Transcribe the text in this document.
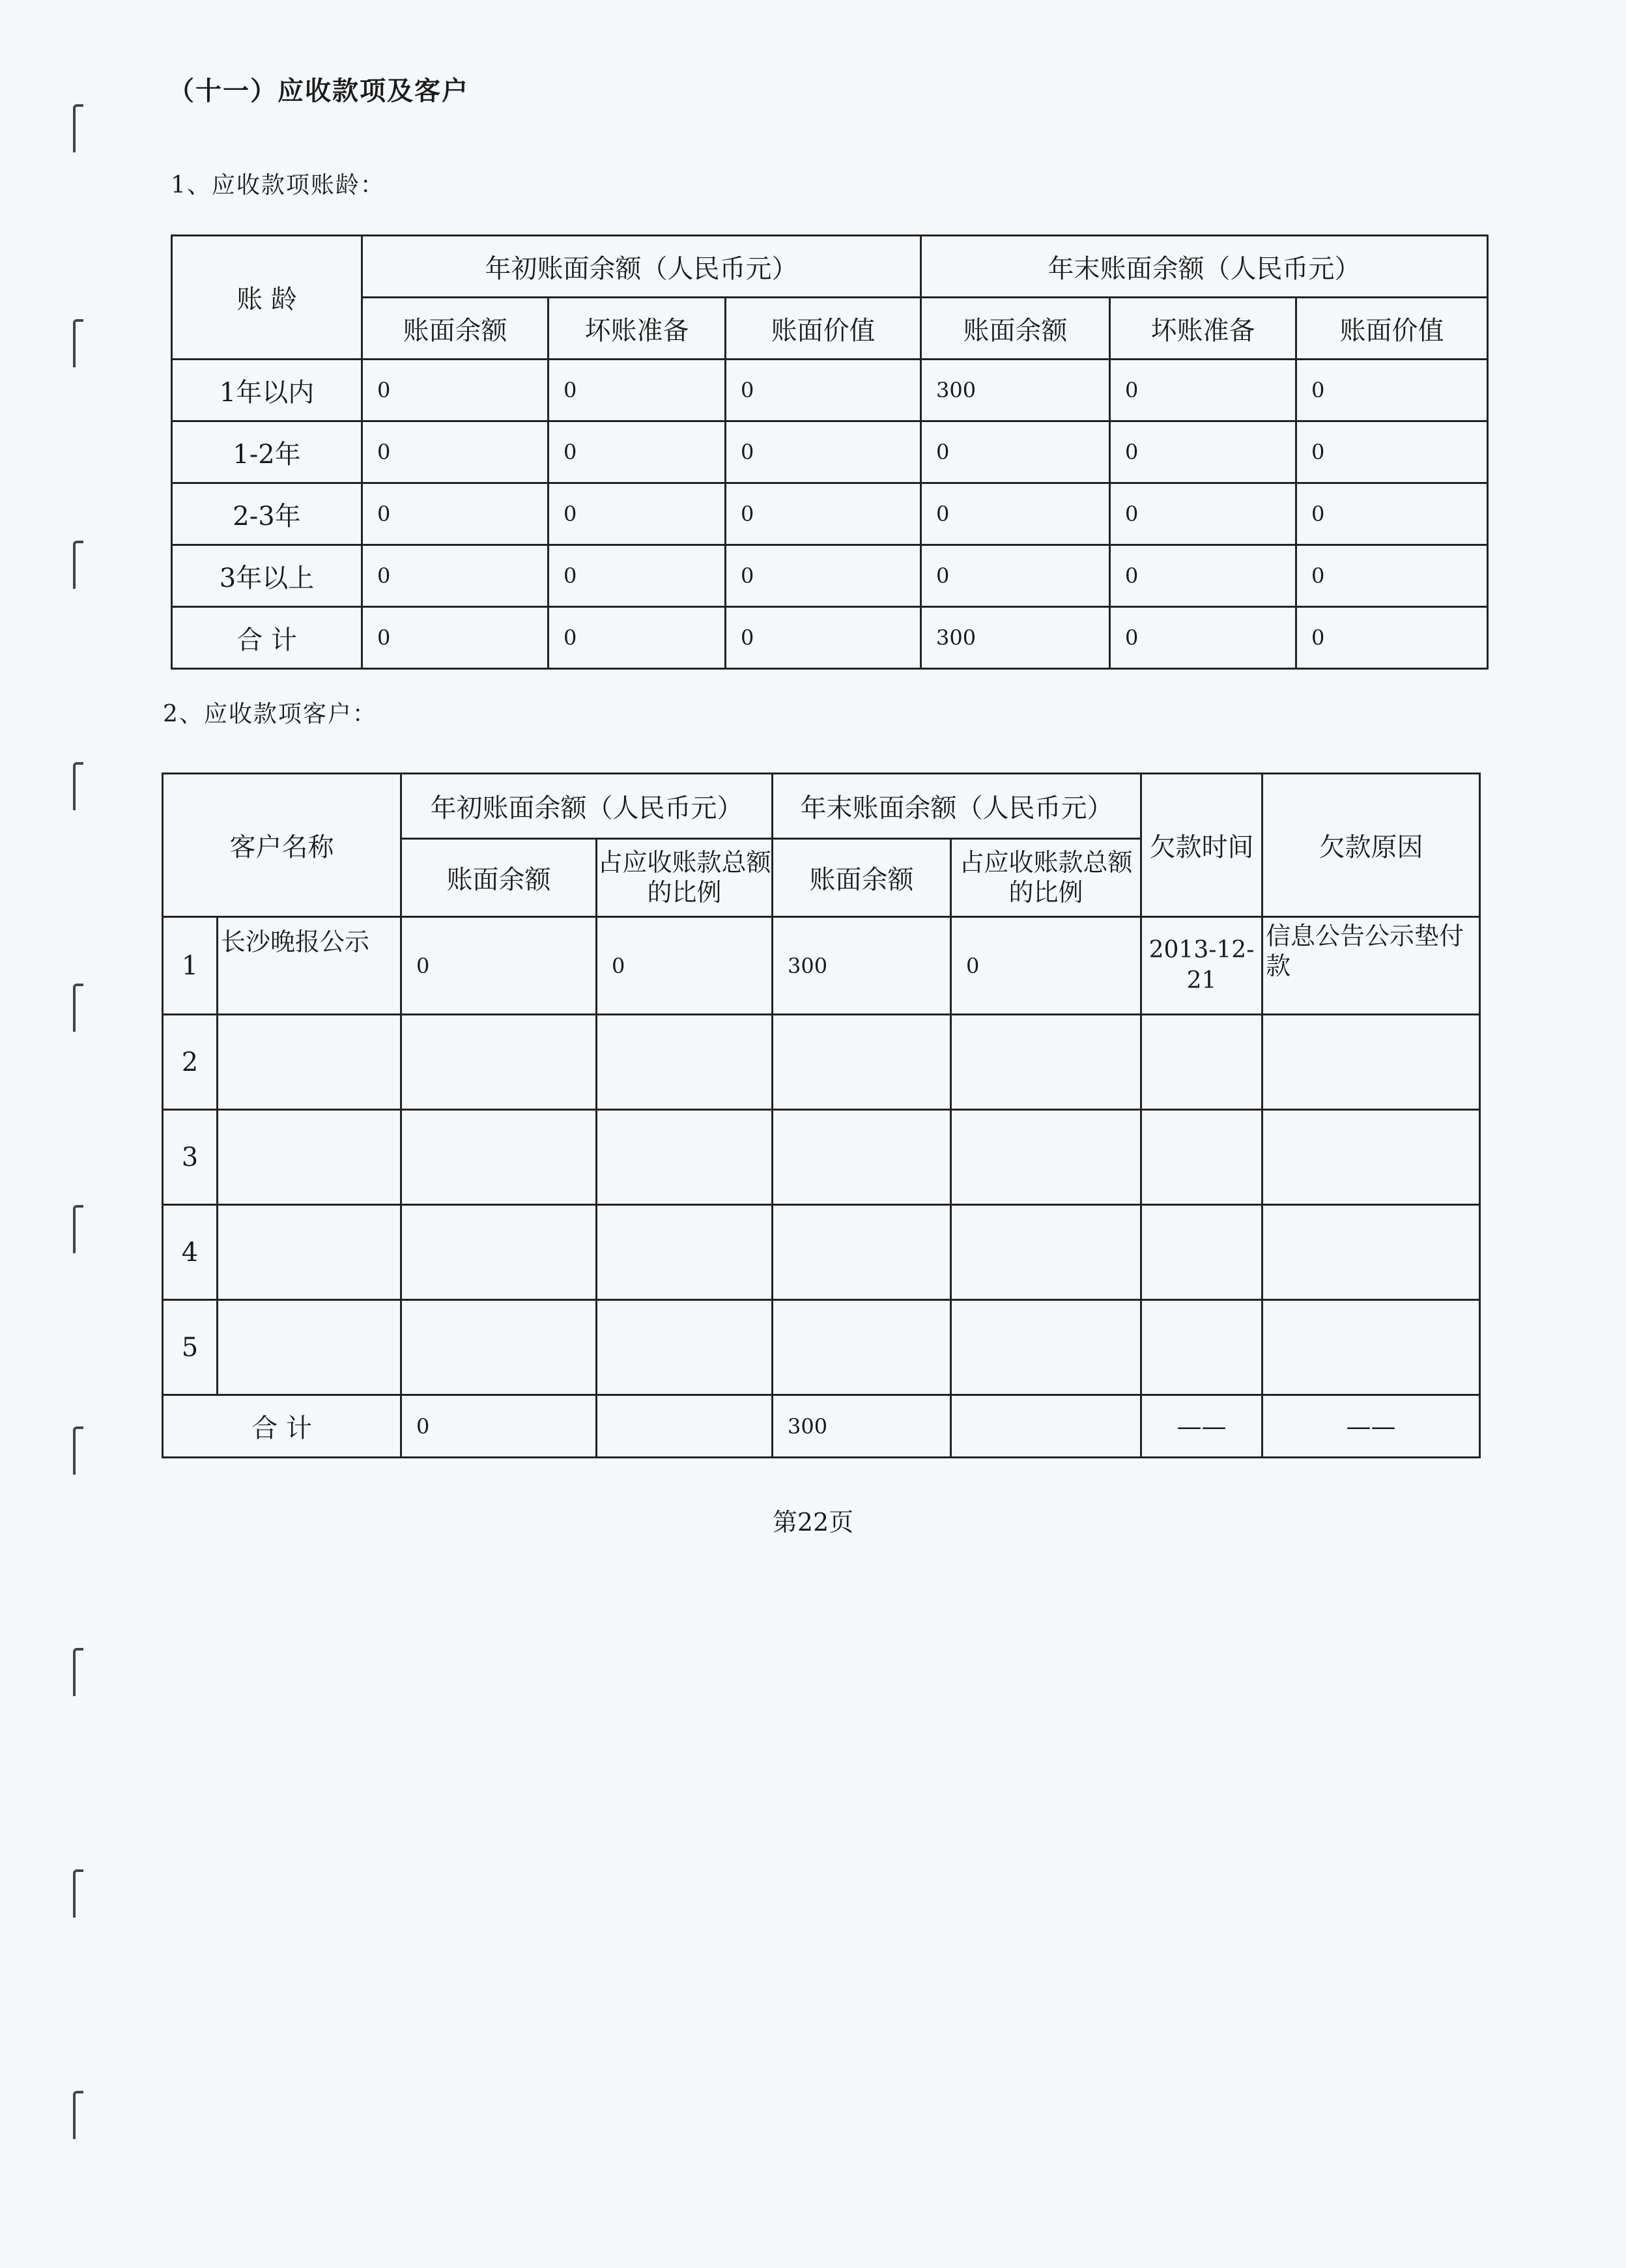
（十一）应收款项及客户

1、应收款项账龄：

账 龄	年初账面余额（人民币元）			年末账面余额（人民币元）		
	账面余额	坏账准备	账面价值	账面余额	坏账准备	账面价值
1年以内	0	0	0	300	0	0
1-2年	0	0	0	0	0	0
2-3年	0	0	0	0	0	0
3年以上	0	0	0	0	0	0
合 计	0	0	0	300	0	0

2、应收款项客户：

客户名称		年初账面余额（人民币元）		年末账面余额（人民币元）		欠款时间	欠款原因
		账面余额	占应收账款总额的比例	账面余额	占应收账款总额的比例		
1	长沙晚报公示	0	0	300	0	2013-12-21	信息公告公示垫付款
2							
3							
4							
5							
合 计		0		300		——	——

第22页
